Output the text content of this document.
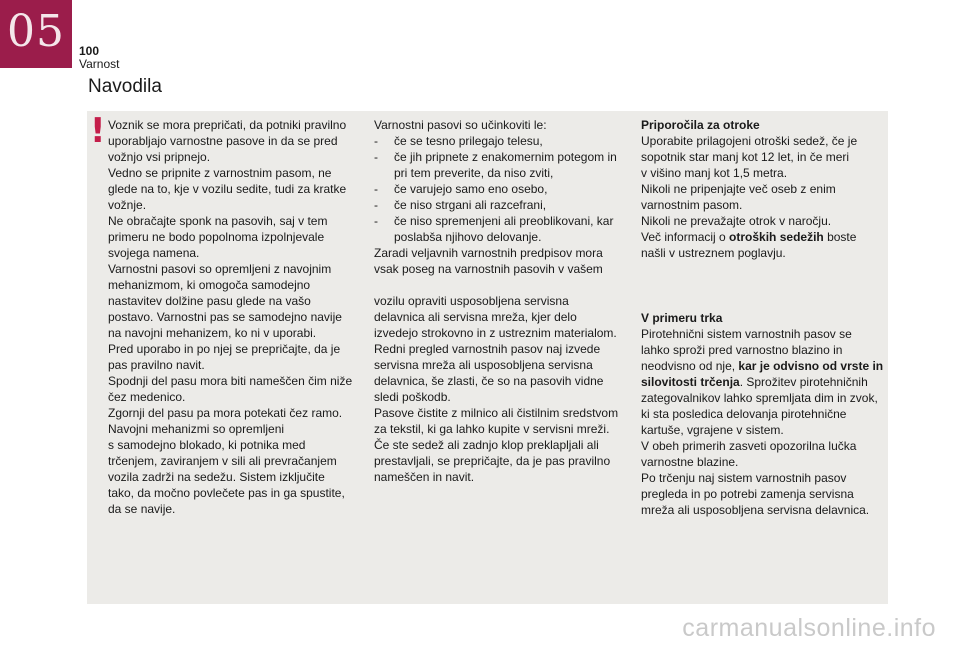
05	100
Varnost
Navodila
! Voznik se mora prepričati, da potniki pravilno

uporabljajo varnostne pasove in da se pred

vožnjo vsi pripnejo.

Vedno se pripnite z varnostnim pasom, ne

glede na to, kje v vozilu sedite, tudi za kratke

vožnje.

Ne obračajte sponk na pasovih, saj v tem

primeru ne bodo popolnoma izpolnjevale

svojega namena.

Varnostni pasovi so opremljeni z navojnim

mehanizmom, ki omogoča samodejno

nastavitev dolžine pasu glede na vašo

postavo. Varnostni pas se samodejno navije

na navojni mehanizem, ko ni v uporabi.

Pred uporabo in po njej se prepričajte, da je

pas pravilno navit.

Spodnji del pasu mora biti nameščen čim niže

čez medenico.

Zgornji del pasu pa mora potekati čez ramo.

Navojni mehanizmi so opremljeni

s samodejno blokado, ki potnika med

trčenjem, zaviranjem v sili ali prevračanjem

vozila zadrži na sedežu. Sistem izklјučite

tako, da močno povlečete pas in ga spustite,

da se navije.

Varnostni pasovi so učinkoviti le:

- če se tesno prilegajo telesu,

- če jih pripnete z enakomernim potegom in pri tem preverite, da niso zviti,

- če varujejo samo eno osebo,

- če niso strgani ali razcefrani,

- če niso spremenjeni ali preoblikovani, kar poslabša njihovo delovanje.

Zaradi veljavnih varnostnih predpisov mora

vsak poseg na varnostnih pasovih v vašem

vozilu opraviti usposobljena servisna

delavnica ali servisna mreža, kjer delo

izvedejo strokovno in z ustreznim materialom.

Redni pregled varnostnih pasov naj izvede

servisna mreža ali usposobljena servisna

delavnica, še zlasti, če so na pasovih vidne

sledi poškodb.

Pasove čistite z milnico ali čistilnim sredstvom

za tekstil, ki ga lahko kupite v servisni mreži.

Če ste sedež ali zadnjo klop preklapljali ali

prestavljali, se prepričajte, da je pas pravilno

nameščen in navit.

Priporočila za otroke

Uporabite prilagojeni otroški sedež, če je

sopotnik star manj kot 12 let, in če meri

v višino manj kot 1,5 metra.

Nikoli ne pripenjajte več oseb z enim

varnostnim pasom.

Nikoli ne prevažajte otrok v naročju.

Več informacij o otroških sedežih boste

našli v ustreznem poglavju.

V primeru trka

Pirotehnični sistem varnostnih pasov se

lahko sproži pred varnostno blazino in

neodvisno od nje, kar je odvisno od vrste in

silovitosti trčenja. Sprožitev pirotehničnih

zategovalnikov lahko spremljata dim in zvok,

ki sta posledica delovanja pirotehnične

kartuše, vgrajene v sistem.

V obeh primerih zasveti opozorilna lučka

varnostne blazine.

Po trčenju naj sistem varnostnih pasov

pregleda in po potrebi zamenja servisna

mreža ali usposobljena servisna delavnica.

carmanualsonline.info
